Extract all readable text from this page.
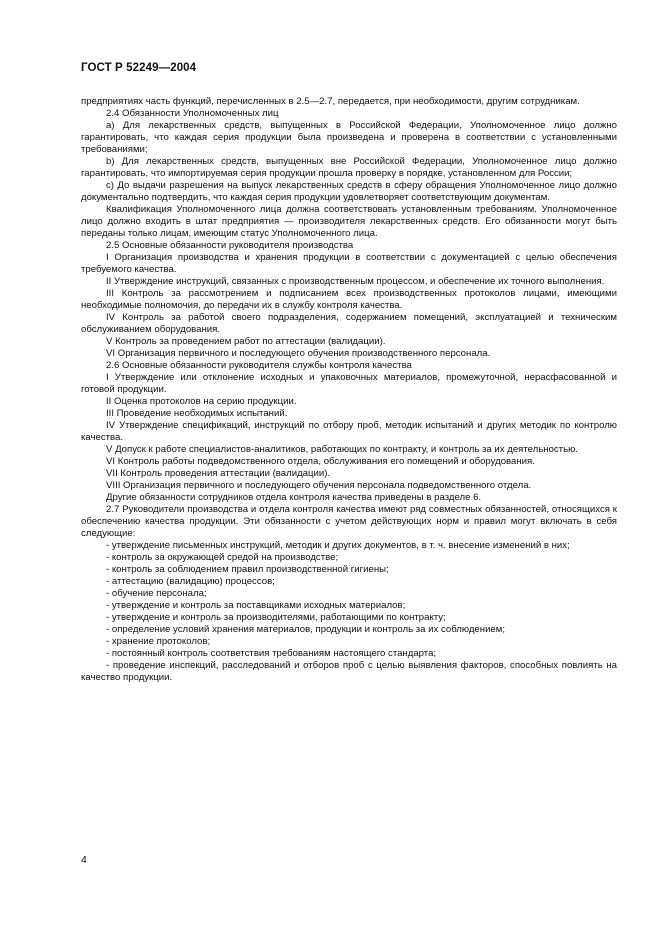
ГОСТ Р 52249—2004

предприятиях часть функций, перечисленных в 2.5—2.7, передается, при необходимости, другим сотрудникам.

2.4 Обязанности Уполномоченных лиц

a) Для лекарственных средств, выпущенных в Российской Федерации, Уполномоченное лицо должно гарантировать, что каждая серия продукции была произведена и проверена в соответствии с установленными требованиями;

b) Для лекарственных средств, выпущенных вне Российской Федерации, Уполномоченное лицо должно гарантировать, что импортируемая серия продукции прошла проверку в порядке, установленном для России;

c) До выдачи разрешения на выпуск лекарственных средств в сферу обращения Уполномоченное лицо должно документально подтвердить, что каждая серия продукции удовлетворяет соответствующим документам.

Квалификация Уполномоченного лица должна соответствовать установленным требованиям. Уполномоченное лицо должно входить в штат предприятия — производителя лекарственных средств. Его обязанности могут быть переданы только лицам, имеющим статус Уполномоченного лица.

2.5 Основные обязанности руководителя производства

I Организация производства и хранения продукции в соответствии с документацией с целью обеспечения требуемого качества.

II Утверждение инструкций, связанных с производственным процессом, и обеспечение их точного выполнения.

III Контроль за рассмотрением и подписанием всех производственных протоколов лицами, имеющими необходимые полномочия, до передачи их в службу контроля качества.

IV Контроль за работой своего подразделения, содержанием помещений, эксплуатацией и техническим обслуживанием оборудования.

V Контроль за проведением работ по аттестации (валидации).

VI Организация первичного и последующего обучения производственного персонала.

2.6 Основные обязанности руководителя службы контроля качества

I Утверждение или отклонение исходных и упаковочных материалов, промежуточной, нерасфасованной и готовой продукции.

II Оценка протоколов на серию продукции.

III Проведение необходимых испытаний.

IV Утверждение спецификаций, инструкций по отбору проб, методик испытаний и других методик по контролю качества.

V Допуск к работе специалистов-аналитиков, работающих по контракту, и контроль за их деятельностью.

VI Контроль работы подведомственного отдела, обслуживания его помещений и оборудования.

VII Контроль проведения аттестации (валидации).

VIII Организация первичного и последующего обучения персонала подведомственного отдела.

Другие обязанности сотрудников отдела контроля качества приведены в разделе 6.

2.7 Руководители производства и отдела контроля качества имеют ряд совместных обязанностей, относящихся к обеспечению качества продукции. Эти обязанности с учетом действующих норм и правил могут включать в себя следующие:

- утверждение письменных инструкций, методик и других документов, в т. ч. внесение изменений в них;

- контроль за окружающей средой на производстве;

- контроль за соблюдением правил производственной гигиены;

- аттестацию (валидацию) процессов;

- обучение персонала;

- утверждение и контроль за поставщиками исходных материалов;

- утверждение и контроль за производителями, работающими по контракту;

- определение условий хранения материалов, продукции и контроль за их соблюдением;

- хранение протоколов;

- постоянный контроль соответствия требованиям настоящего стандарта;

- проведение инспекций, расследований и отборов проб с целью выявления факторов, способных повлиять на качество продукции.

4
